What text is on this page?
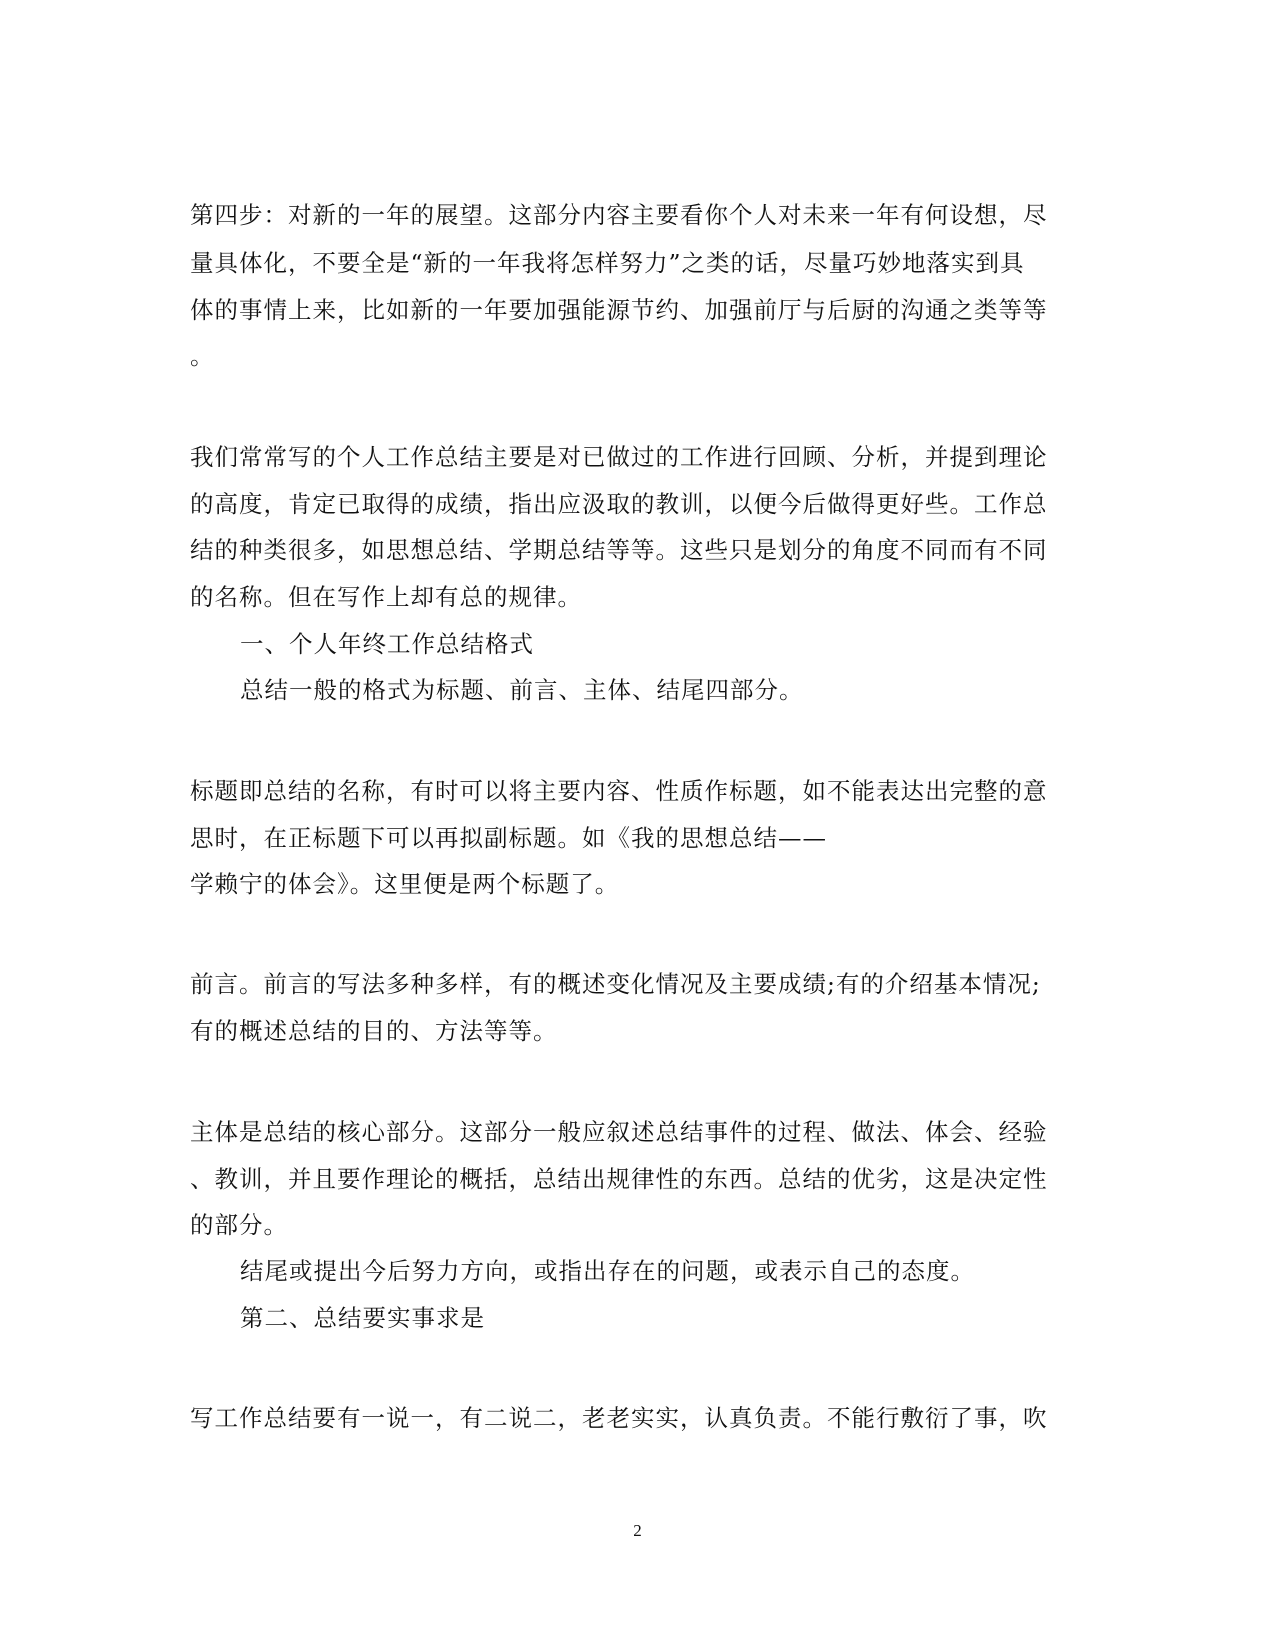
第四步：对新的一年的展望。这部分内容主要看你个人对未来一年有何设想，尽

量具体化，不要全是“新的一年我将怎样努力”之类的话，尽量巧妙地落实到具

体的事情上来，比如新的一年要加强能源节约、加强前厅与后厨的沟通之类等等

。

我们常常写的个人工作总结主要是对已做过的工作进行回顾、分析，并提到理论

的高度，肯定已取得的成绩，指出应汲取的教训，以便今后做得更好些。工作总

结的种类很多，如思想总结、学期总结等等。这些只是划分的角度不同而有不同

的名称。但在写作上却有总的规律。

一、个人年终工作总结格式

总结一般的格式为标题、前言、主体、结尾四部分。

标题即总结的名称，有时可以将主要内容、性质作标题，如不能表达出完整的意

思时，在正标题下可以再拟副标题。如《我的思想总结——

学赖宁的体会》。这里便是两个标题了。

前言。前言的写法多种多样，有的概述变化情况及主要成绩;有的介绍基本情况;

有的概述总结的目的、方法等等。

主体是总结的核心部分。这部分一般应叙述总结事件的过程、做法、体会、经验

、教训，并且要作理论的概括，总结出规律性的东西。总结的优劣，这是决定性

的部分。

结尾或提出今后努力方向，或指出存在的问题，或表示自己的态度。

第二、总结要实事求是

写工作总结要有一说一，有二说二，老老实实，认真负责。不能行敷衍了事，吹

2
